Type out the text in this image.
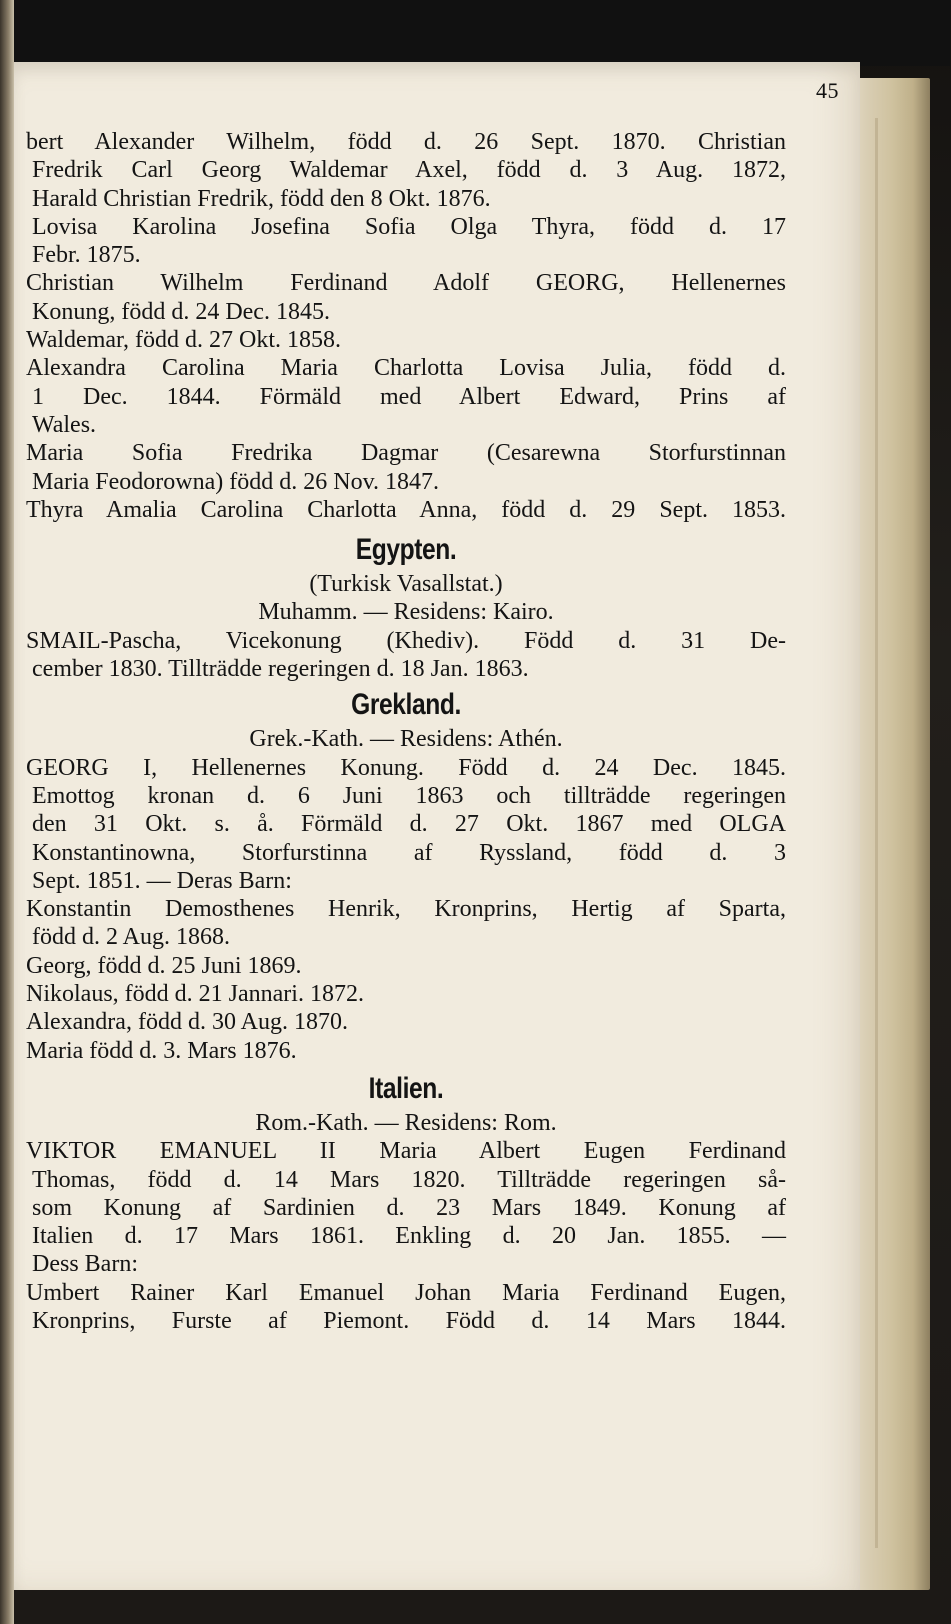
45
bert Alexander Wilhelm, född d. 26 Sept. 1870. Christian
Fredrik Carl Georg Waldemar Axel, född d. 3 Aug. 1872,
Harald Christian Fredrik, född den 8 Okt. 1876.
Lovisa Karolina Josefina Sofia Olga Thyra, född d. 17
Febr. 1875.
Christian Wilhelm Ferdinand Adolf GEORG, Hellenernes
Konung, född d. 24 Dec. 1845.
Waldemar, född d. 27 Okt. 1858.
Alexandra Carolina Maria Charlotta Lovisa Julia, född d.
1 Dec. 1844. Förmäld med Albert Edward, Prins af
Wales.
Maria Sofia Fredrika Dagmar (Cesarewna Storfurstinnan
Maria Feodorowna) född d. 26 Nov. 1847.
Thyra Amalia Carolina Charlotta Anna, född d. 29 Sept. 1853.
Egypten.
(Turkisk Vasallstat.)
Muhamm. — Residens: Kairo.
SMAIL-Pascha, Vicekonung (Khediv). Född d. 31 De-
cember 1830. Tillträdde regeringen d. 18 Jan. 1863.
Grekland.
Grek.-Kath. — Residens: Athén.
GEORG I, Hellenernes Konung. Född d. 24 Dec. 1845.
Emottog kronan d. 6 Juni 1863 och tillträdde regeringen
den 31 Okt. s. å. Förmäld d. 27 Okt. 1867 med OLGA
Konstantinowna, Storfurstinna af Ryssland, född d. 3
Sept. 1851. — Deras Barn:
Konstantin Demosthenes Henrik, Kronprins, Hertig af Sparta,
född d. 2 Aug. 1868.
Georg, född d. 25 Juni 1869.
Nikolaus, född d. 21 Jannari. 1872.
Alexandra, född d. 30 Aug. 1870.
Maria född d. 3. Mars 1876.
Italien.
Rom.-Kath. — Residens: Rom.
VIKTOR EMANUEL II Maria Albert Eugen Ferdinand
Thomas, född d. 14 Mars 1820. Tillträdde regeringen så-
som Konung af Sardinien d. 23 Mars 1849. Konung af
Italien d. 17 Mars 1861. Enkling d. 20 Jan. 1855. —
Dess Barn:
Umbert Rainer Karl Emanuel Johan Maria Ferdinand Eugen,
Kronprins, Furste af Piemont. Född d. 14 Mars 1844.
